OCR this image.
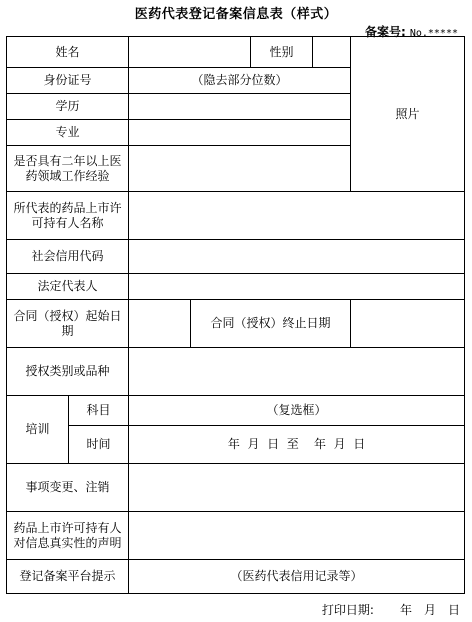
医药代表登记备案信息表（样式）
备案号: No.*****
姓名				性别		照片
身份证号		（隐去部分位数）				
学历						
专业						
是否具有二年以上医药领域工作经验						
所代表的药品上市许可持有人名称						
社会信用代码						
法定代表人						
合同（授权）起始日期			合同（授权）终止日期			
授权类别或品种						
培训	科目	（复选框）				
	时间	年  月  日  至    年  月  日				
事项变更、注销						
药品上市许可持有人对信息真实性的声明						
登记备案平台提示		（医药代表信用记录等）				
打印日期: 年 月 日
